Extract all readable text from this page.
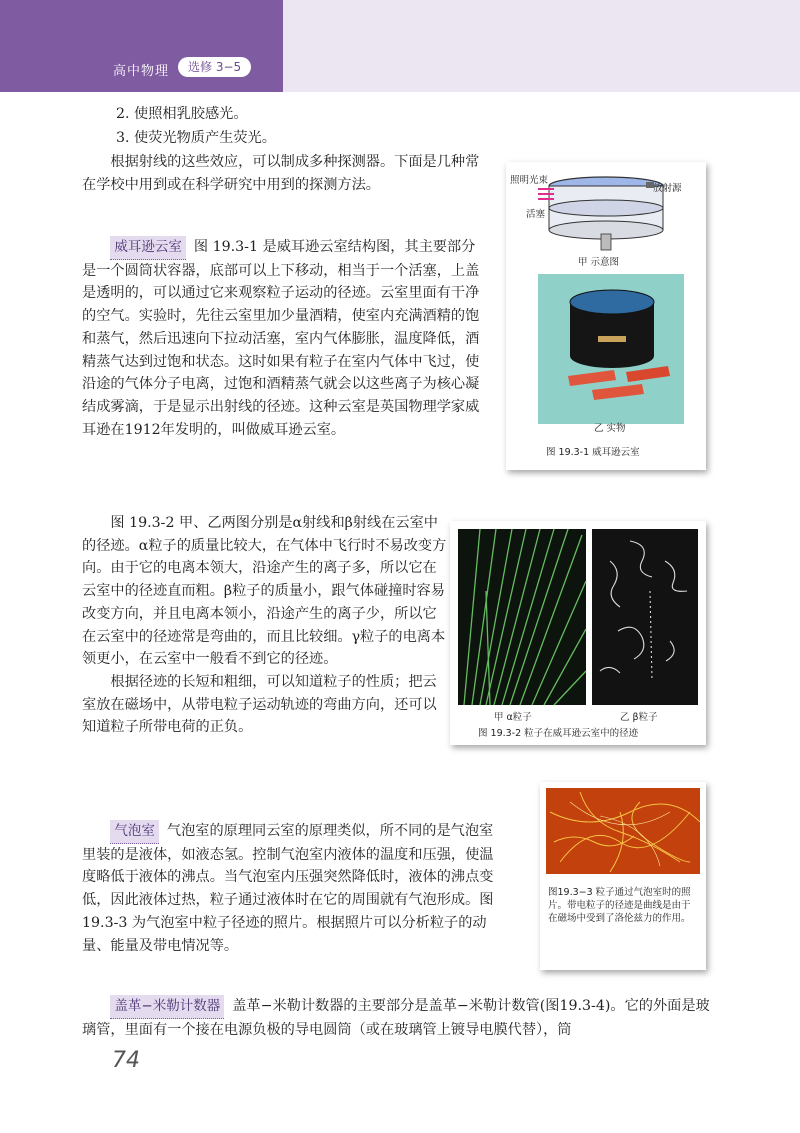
高中物理	选修 3−5
2. 使照相乳胶感光。
3. 使荧光物质产生荧光。
根据射线的这些效应，可以制成多种探测器。下面是几种常在学校中用到或在科学研究中用到的探测方法。

威耳逊云室 图 19.3-1 是威耳逊云室结构图，其主要部分是一个圆筒状容器，底部可以上下移动，相当于一个活塞，上盖是透明的，可以通过它来观察粒子运动的径迹。云室里面有干净的空气。实验时，先往云室里加少量酒精，使室内充满酒精的饱和蒸气，然后迅速向下拉动活塞，室内气体膨胀，温度降低，酒精蒸气达到过饱和状态。这时如果有粒子在室内气体中飞过，使沿途的气体分子电离，过饱和酒精蒸气就会以这些离子为核心凝结成雾滴，于是显示出射线的径迹。这种云室是英国物理学家威耳逊在1912年发明的，叫做威耳逊云室。

图 19.3-2 甲、乙两图分别是α射线和β射线在云室中的径迹。α粒子的质量比较大，在气体中飞行时不易改变方向。由于它的电离本领大，沿途产生的离子多，所以它在云室中的径迹直而粗。β粒子的质量小，跟气体碰撞时容易改变方向，并且电离本领小，沿途产生的离子少，所以它在云室中的径迹常是弯曲的，而且比较细。γ粒子的电离本领更小，在云室中一般看不到它的径迹。

根据径迹的长短和粗细，可以知道粒子的性质；把云室放在磁场中，从带电粒子运动轨迹的弯曲方向，还可以知道粒子所带电荷的正负。

照明光束
放射源
活塞
甲 示意图
乙 实物
图 19.3-1 威耳逊云室
甲 α粒子	乙 β粒子
图 19.3-2 粒子在威耳逊云室中的径迹

气泡室 气泡室的原理同云室的原理类似，所不同的是气泡室里装的是液体，如液态氢。控制气泡室内液体的温度和压强，使温度略低于液体的沸点。当气泡室内压强突然降低时，液体的沸点变低，因此液体过热，粒子通过液体时在它的周围就有气泡形成。图 19.3-3 为气泡室中粒子径迹的照片。根据照片可以分析粒子的动量、能量及带电情况等。

图19.3−3 粒子通过气泡室时的照片。带电粒子的径迹是曲线是由于在磁场中受到了洛伦兹力的作用。

盖革−米勒计数器 盖革−米勒计数器的主要部分是盖革−米勒计数管(图19.3-4)。它的外面是玻璃管，里面有一个接在电源负极的导电圆筒（或在玻璃管上镀导电膜代替），筒

74
